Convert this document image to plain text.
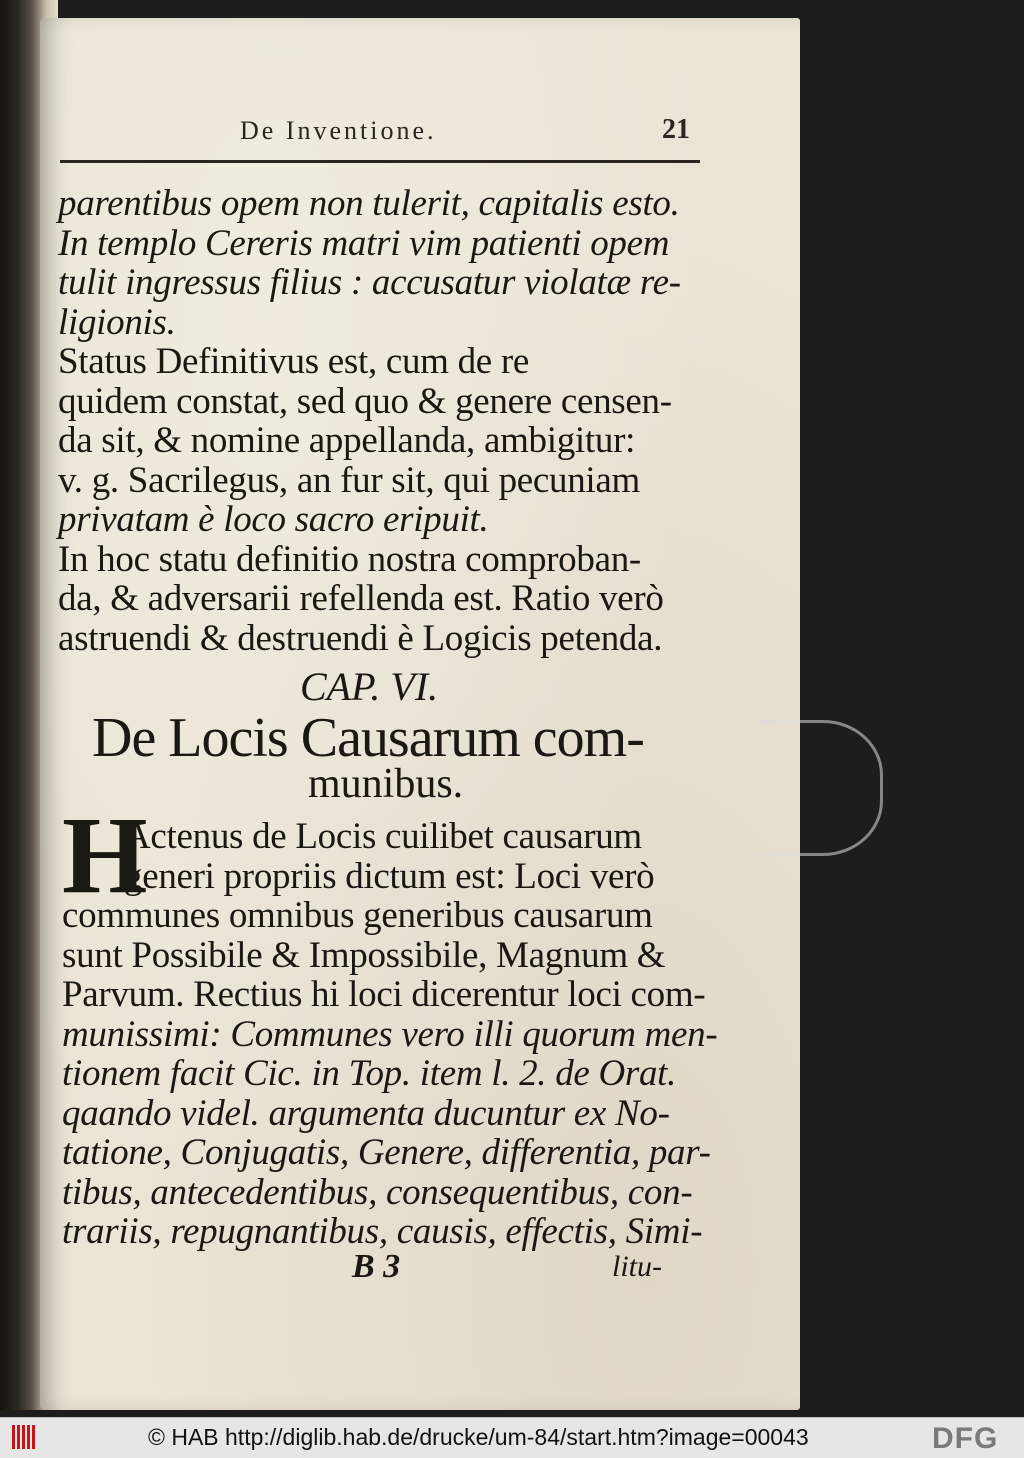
De Inventione.	21
parentibus opem non tulerit, capitalis esto.
In templo Cereris matri vim patienti opem
tulit ingressus filius : accusatur violatæ re-
ligionis.
Status Definitivus est, cum de re
quidem constat, sed quo & genere censen-
da sit, & nomine appellanda, ambigitur:
v. g. Sacrilegus, an fur sit, qui pecuniam
privatam è loco sacro eripuit.
In hoc statu definitio nostra comproban-
da, & adversarii refellenda est. Ratio verò
astruendi & destruendi è Logicis petenda.
CAP. VI.
De Locis Causarum com-
munibus.
H
Actenus de Locis cuilibet causarum
generi propriis dictum est: Loci verò
communes omnibus generibus causarum
sunt Possibile & Impossibile, Magnum &
Parvum. Rectius hi loci dicerentur loci com-
munissimi: Communes vero illi quorum men-
tionem facit Cic. in Top. item l. 2. de Orat.
qaando videl. argumenta ducuntur ex No-
tatione, Conjugatis, Genere, differentia, par-
tibus, antecedentibus, consequentibus, con-
trariis, repugnantibus, causis, effectis, Simi-
B 3	litu-
© HAB http://diglib.hab.de/drucke/um-84/start.htm?image=00043	DFG
